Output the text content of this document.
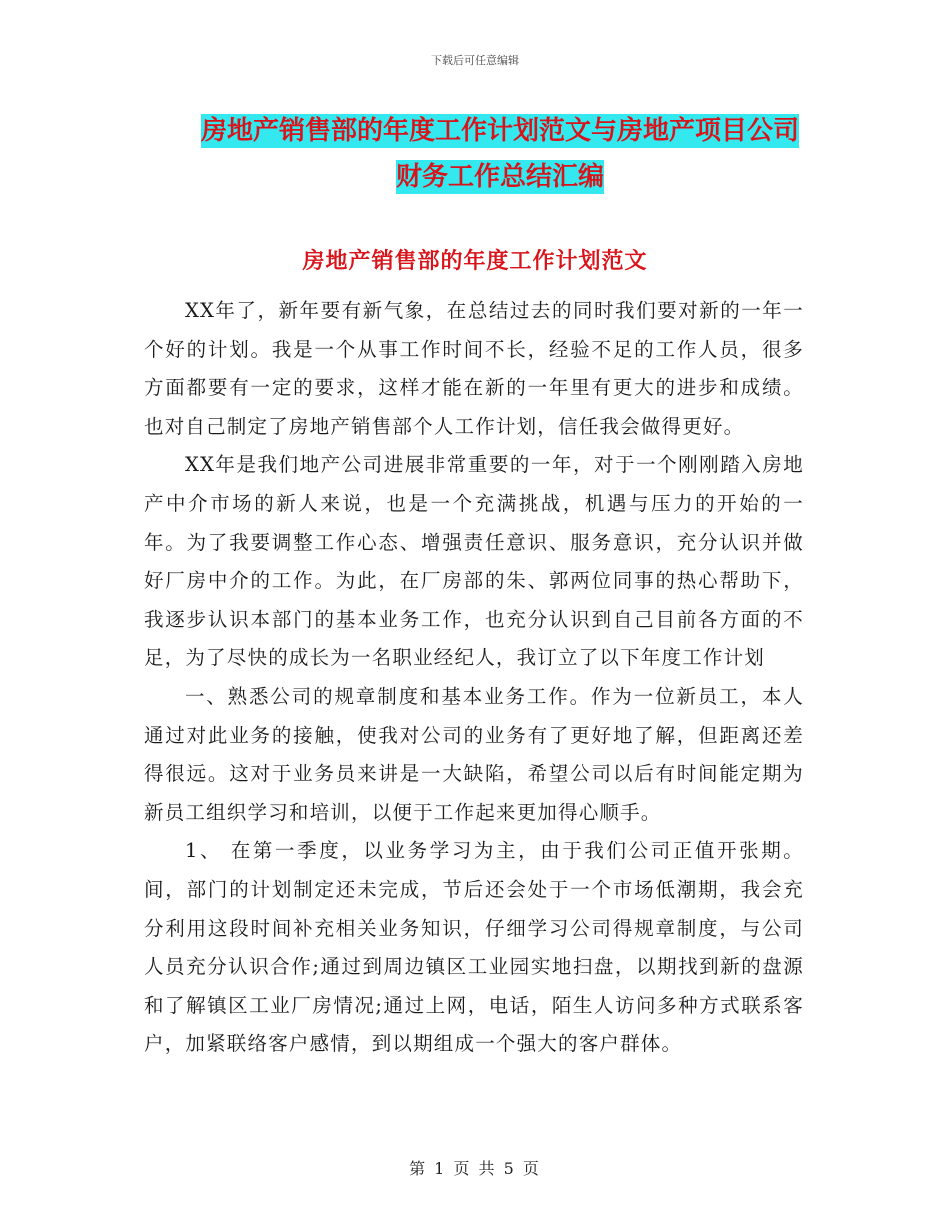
下载后可任意编辑
房地产销售部的年度工作计划范文与房地产项目公司
财务工作总结汇编
房地产销售部的年度工作计划范文

XX年了，新年要有新气象，在总结过去的同时我们要对新的一年一个好的计划。我是一个从事工作时间不长，经验不足的工作人员，很多方面都要有一定的要求，这样才能在新的一年里有更大的进步和成绩。也对自己制定了房地产销售部个人工作计划，信任我会做得更好。

XX年是我们地产公司进展非常重要的一年，对于一个刚刚踏入房地产中介市场的新人来说，也是一个充满挑战，机遇与压力的开始的一年。为了我要调整工作心态、增强责任意识、服务意识，充分认识并做好厂房中介的工作。为此，在厂房部的朱、郭两位同事的热心帮助下，我逐步认识本部门的基本业务工作，也充分认识到自己目前各方面的不足，为了尽快的成长为一名职业经纪人，我订立了以下年度工作计划

一、熟悉公司的规章制度和基本业务工作。作为一位新员工，本人通过对此业务的接触，使我对公司的业务有了更好地了解，但距离还差得很远。这对于业务员来讲是一大缺陷，希望公司以后有时间能定期为新员工组织学习和培训，以便于工作起来更加得心顺手。

1、 在第一季度，以业务学习为主，由于我们公司正值开张期。间，部门的计划制定还未完成，节后还会处于一个市场低潮期，我会充分利用这段时间补充相关业务知识，仔细学习公司得规章制度，与公司人员充分认识合作;通过到周边镇区工业园实地扫盘，以期找到新的盘源和了解镇区工业厂房情况;通过上网，电话，陌生人访问多种方式联系客户，加紧联络客户感情，到以期组成一个强大的客户群体。

第 1 页 共 5 页
